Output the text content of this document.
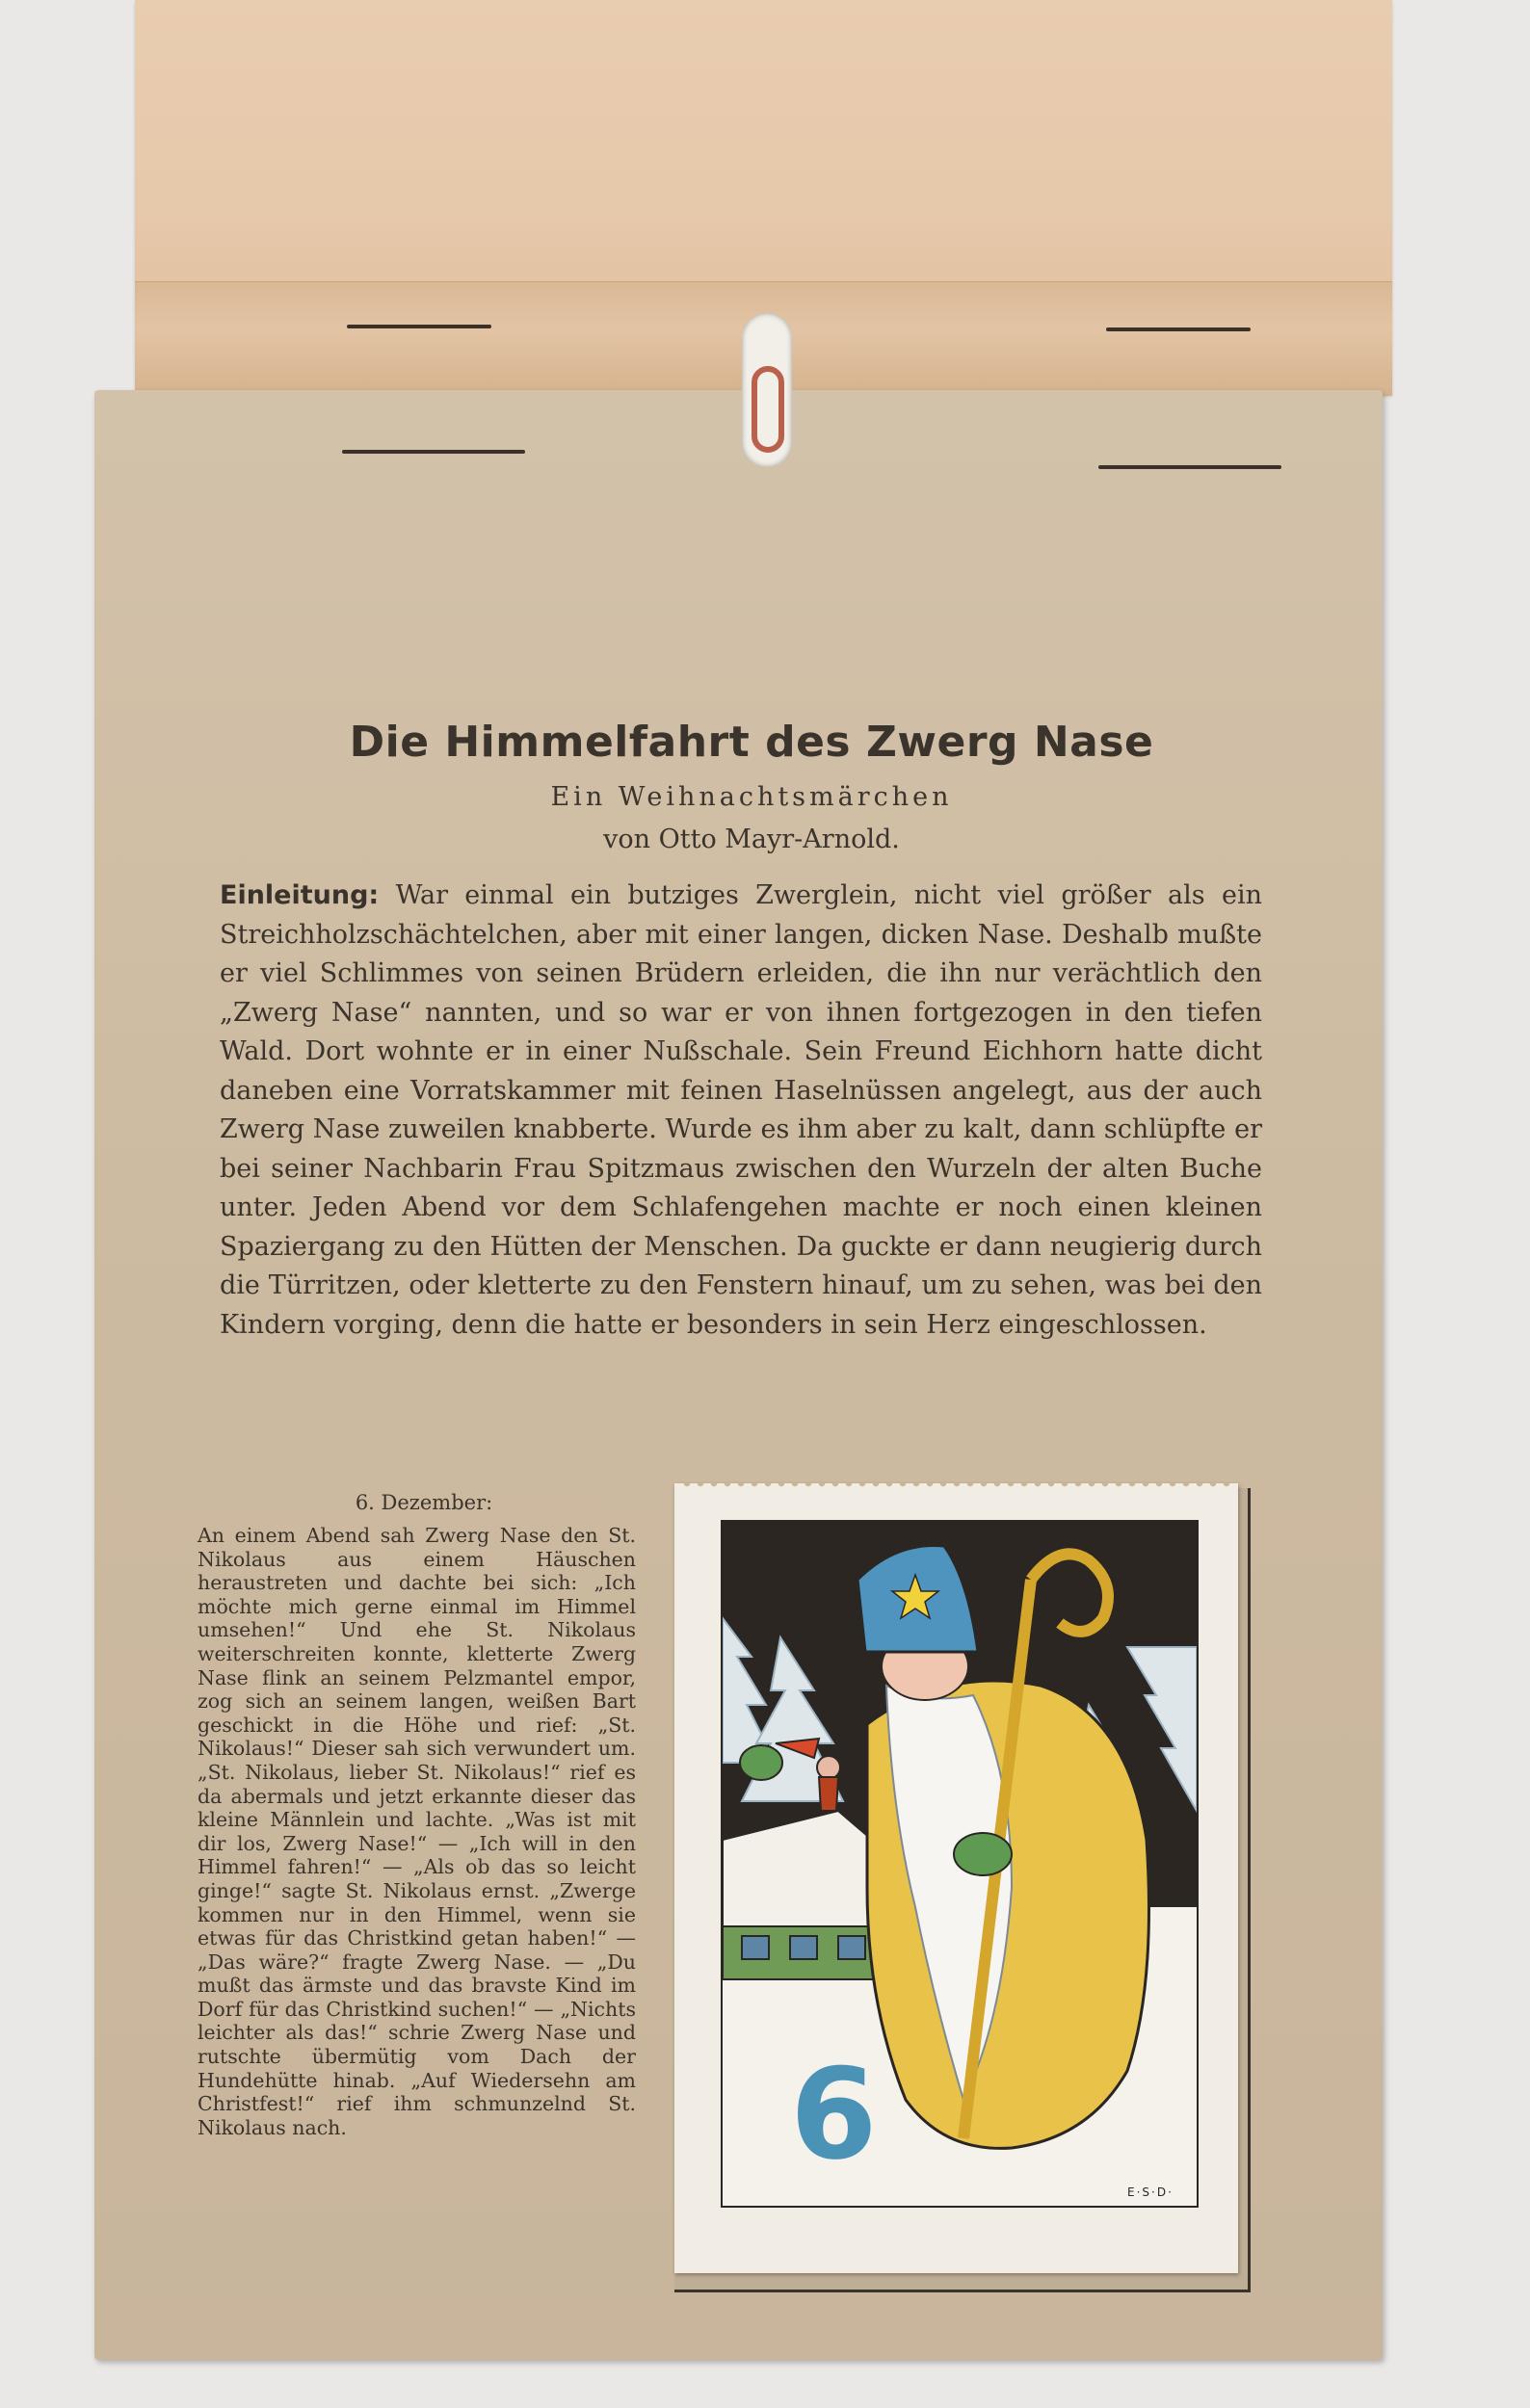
Die Himmelfahrt des Zwerg Nase
Ein Weihnachtsmärchen
von Otto Mayr-Arnold.
Einleitung: War einmal ein butziges Zwerglein, nicht viel größer als ein Streichholzschächtelchen, aber mit einer langen, dicken Nase. Deshalb mußte er viel Schlimmes von seinen Brüdern erleiden, die ihn nur verächtlich den „Zwerg Nase“ nannten, und so war er von ihnen fortgezogen in den tiefen Wald. Dort wohnte er in einer Nußschale. Sein Freund Eichhorn hatte dicht daneben eine Vorratskammer mit feinen Haselnüssen angelegt, aus der auch Zwerg Nase zuweilen knabberte. Wurde es ihm aber zu kalt, dann schlüpfte er bei seiner Nachbarin Frau Spitzmaus zwischen den Wurzeln der alten Buche unter. Jeden Abend vor dem Schlafengehen machte er noch einen kleinen Spaziergang zu den Hütten der Menschen. Da guckte er dann neugierig durch die Türritzen, oder kletterte zu den Fenstern hinauf, um zu sehen, was bei den Kindern vorging, denn die hatte er besonders in sein Herz eingeschlossen.
6. Dezember:
An einem Abend sah Zwerg Nase den St. Nikolaus aus einem Häuschen heraustreten und dachte bei sich: „Ich möchte mich gerne einmal im Himmel umsehen!“ Und ehe St. Nikolaus weiterschreiten konnte, kletterte Zwerg Nase flink an seinem Pelzmantel empor, zog sich an seinem langen, weißen Bart geschickt in die Höhe und rief: „St. Nikolaus!“ Dieser sah sich verwundert um. „St. Nikolaus, lieber St. Nikolaus!“ rief es da abermals und jetzt erkannte dieser das kleine Männlein und lachte. „Was ist mit dir los, Zwerg Nase!“ — „Ich will in den Himmel fahren!“ — „Als ob das so leicht ginge!“ sagte St. Nikolaus ernst. „Zwerge kommen nur in den Himmel, wenn sie etwas für das Christkind getan haben!“ — „Das wäre?“ fragte Zwerg Nase. — „Du mußt das ärmste und das bravste Kind im Dorf für das Christkind suchen!“ — „Nichts leichter als das!“ schrie Zwerg Nase und rutschte übermütig vom Dach der Hundehütte hinab. „Auf Wiedersehn am Christfest!“ rief ihm schmunzelnd St. Nikolaus nach.	6
E·S·D·
